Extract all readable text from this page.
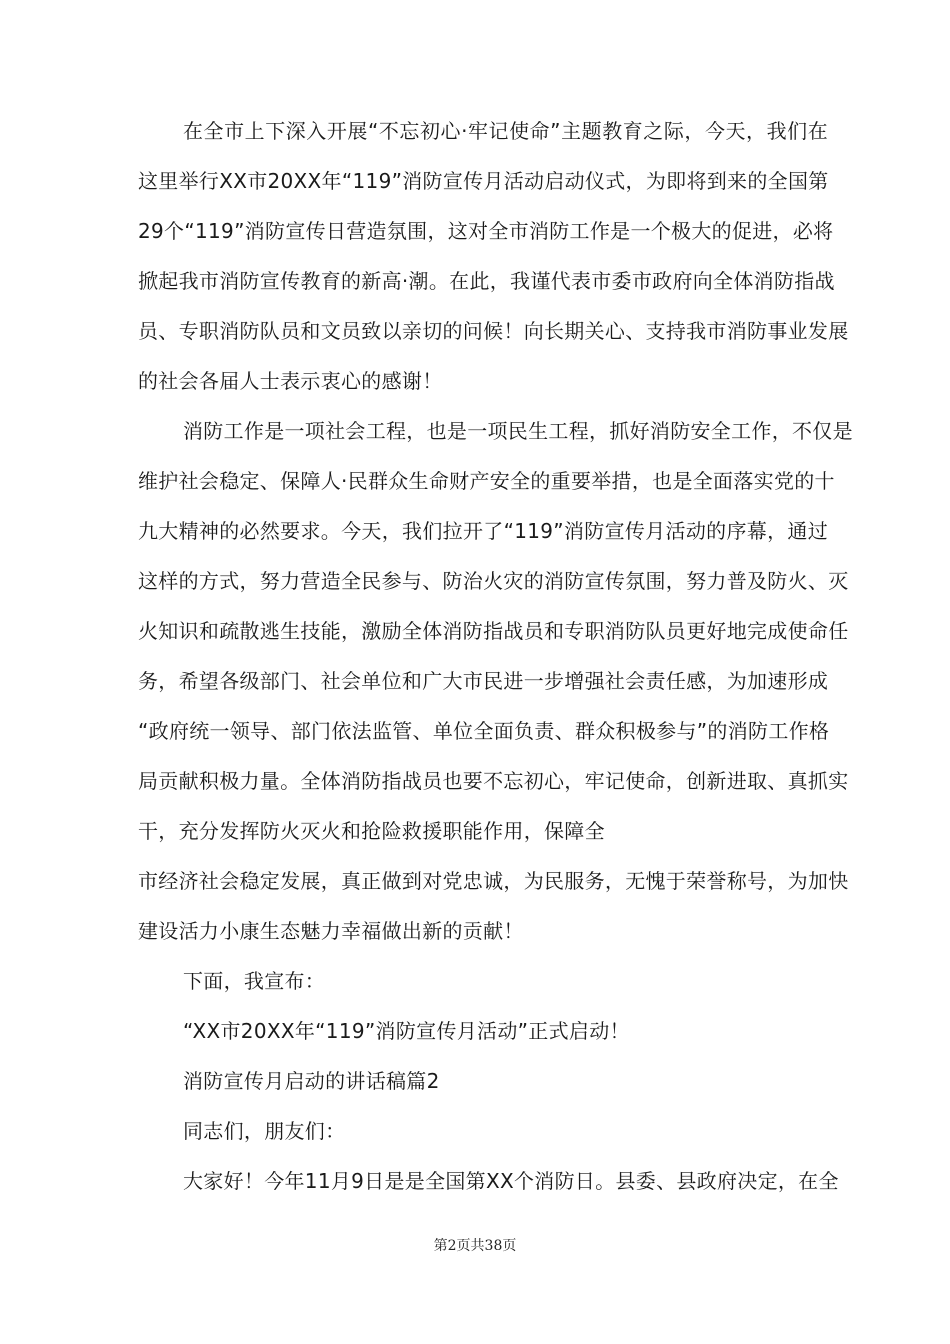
在全市上下深入开展“不忘初心·牢记使命”主题教育之际，今天，我们在
这里举行XX市20XX年“119”消防宣传月活动启动仪式，为即将到来的全国第
29个“119”消防宣传日营造氛围，这对全市消防工作是一个极大的促进，必将
掀起我市消防宣传教育的新高·潮。在此，我谨代表市委市政府向全体消防指战
员、专职消防队员和文员致以亲切的问候！向长期关心、支持我市消防事业发展
的社会各届人士表示衷心的感谢！
消防工作是一项社会工程，也是一项民生工程，抓好消防安全工作，不仅是
维护社会稳定、保障人·民群众生命财产安全的重要举措，也是全面落实党的十
九大精神的必然要求。今天，我们拉开了“119”消防宣传月活动的序幕，通过
这样的方式，努力营造全民参与、防治火灾的消防宣传氛围，努力普及防火、灭
火知识和疏散逃生技能，激励全体消防指战员和专职消防队员更好地完成使命任
务，希望各级部门、社会单位和广大市民进一步增强社会责任感，为加速形成
“政府统一领导、部门依法监管、单位全面负责、群众积极参与”的消防工作格
局贡献积极力量。全体消防指战员也要不忘初心，牢记使命，创新进取、真抓实
干，充分发挥防火灭火和抢险救援职能作用，保障全
市经济社会稳定发展，真正做到对党忠诚，为民服务，无愧于荣誉称号，为加快
建设活力小康生态魅力幸福做出新的贡献！
下面，我宣布：
“XX市20XX年“119”消防宣传月活动”正式启动！
消防宣传月启动的讲话稿篇2
同志们，朋友们：
大家好！今年11月9日是是全国第XX个消防日。县委、县政府决定，在全
第2页共38页
